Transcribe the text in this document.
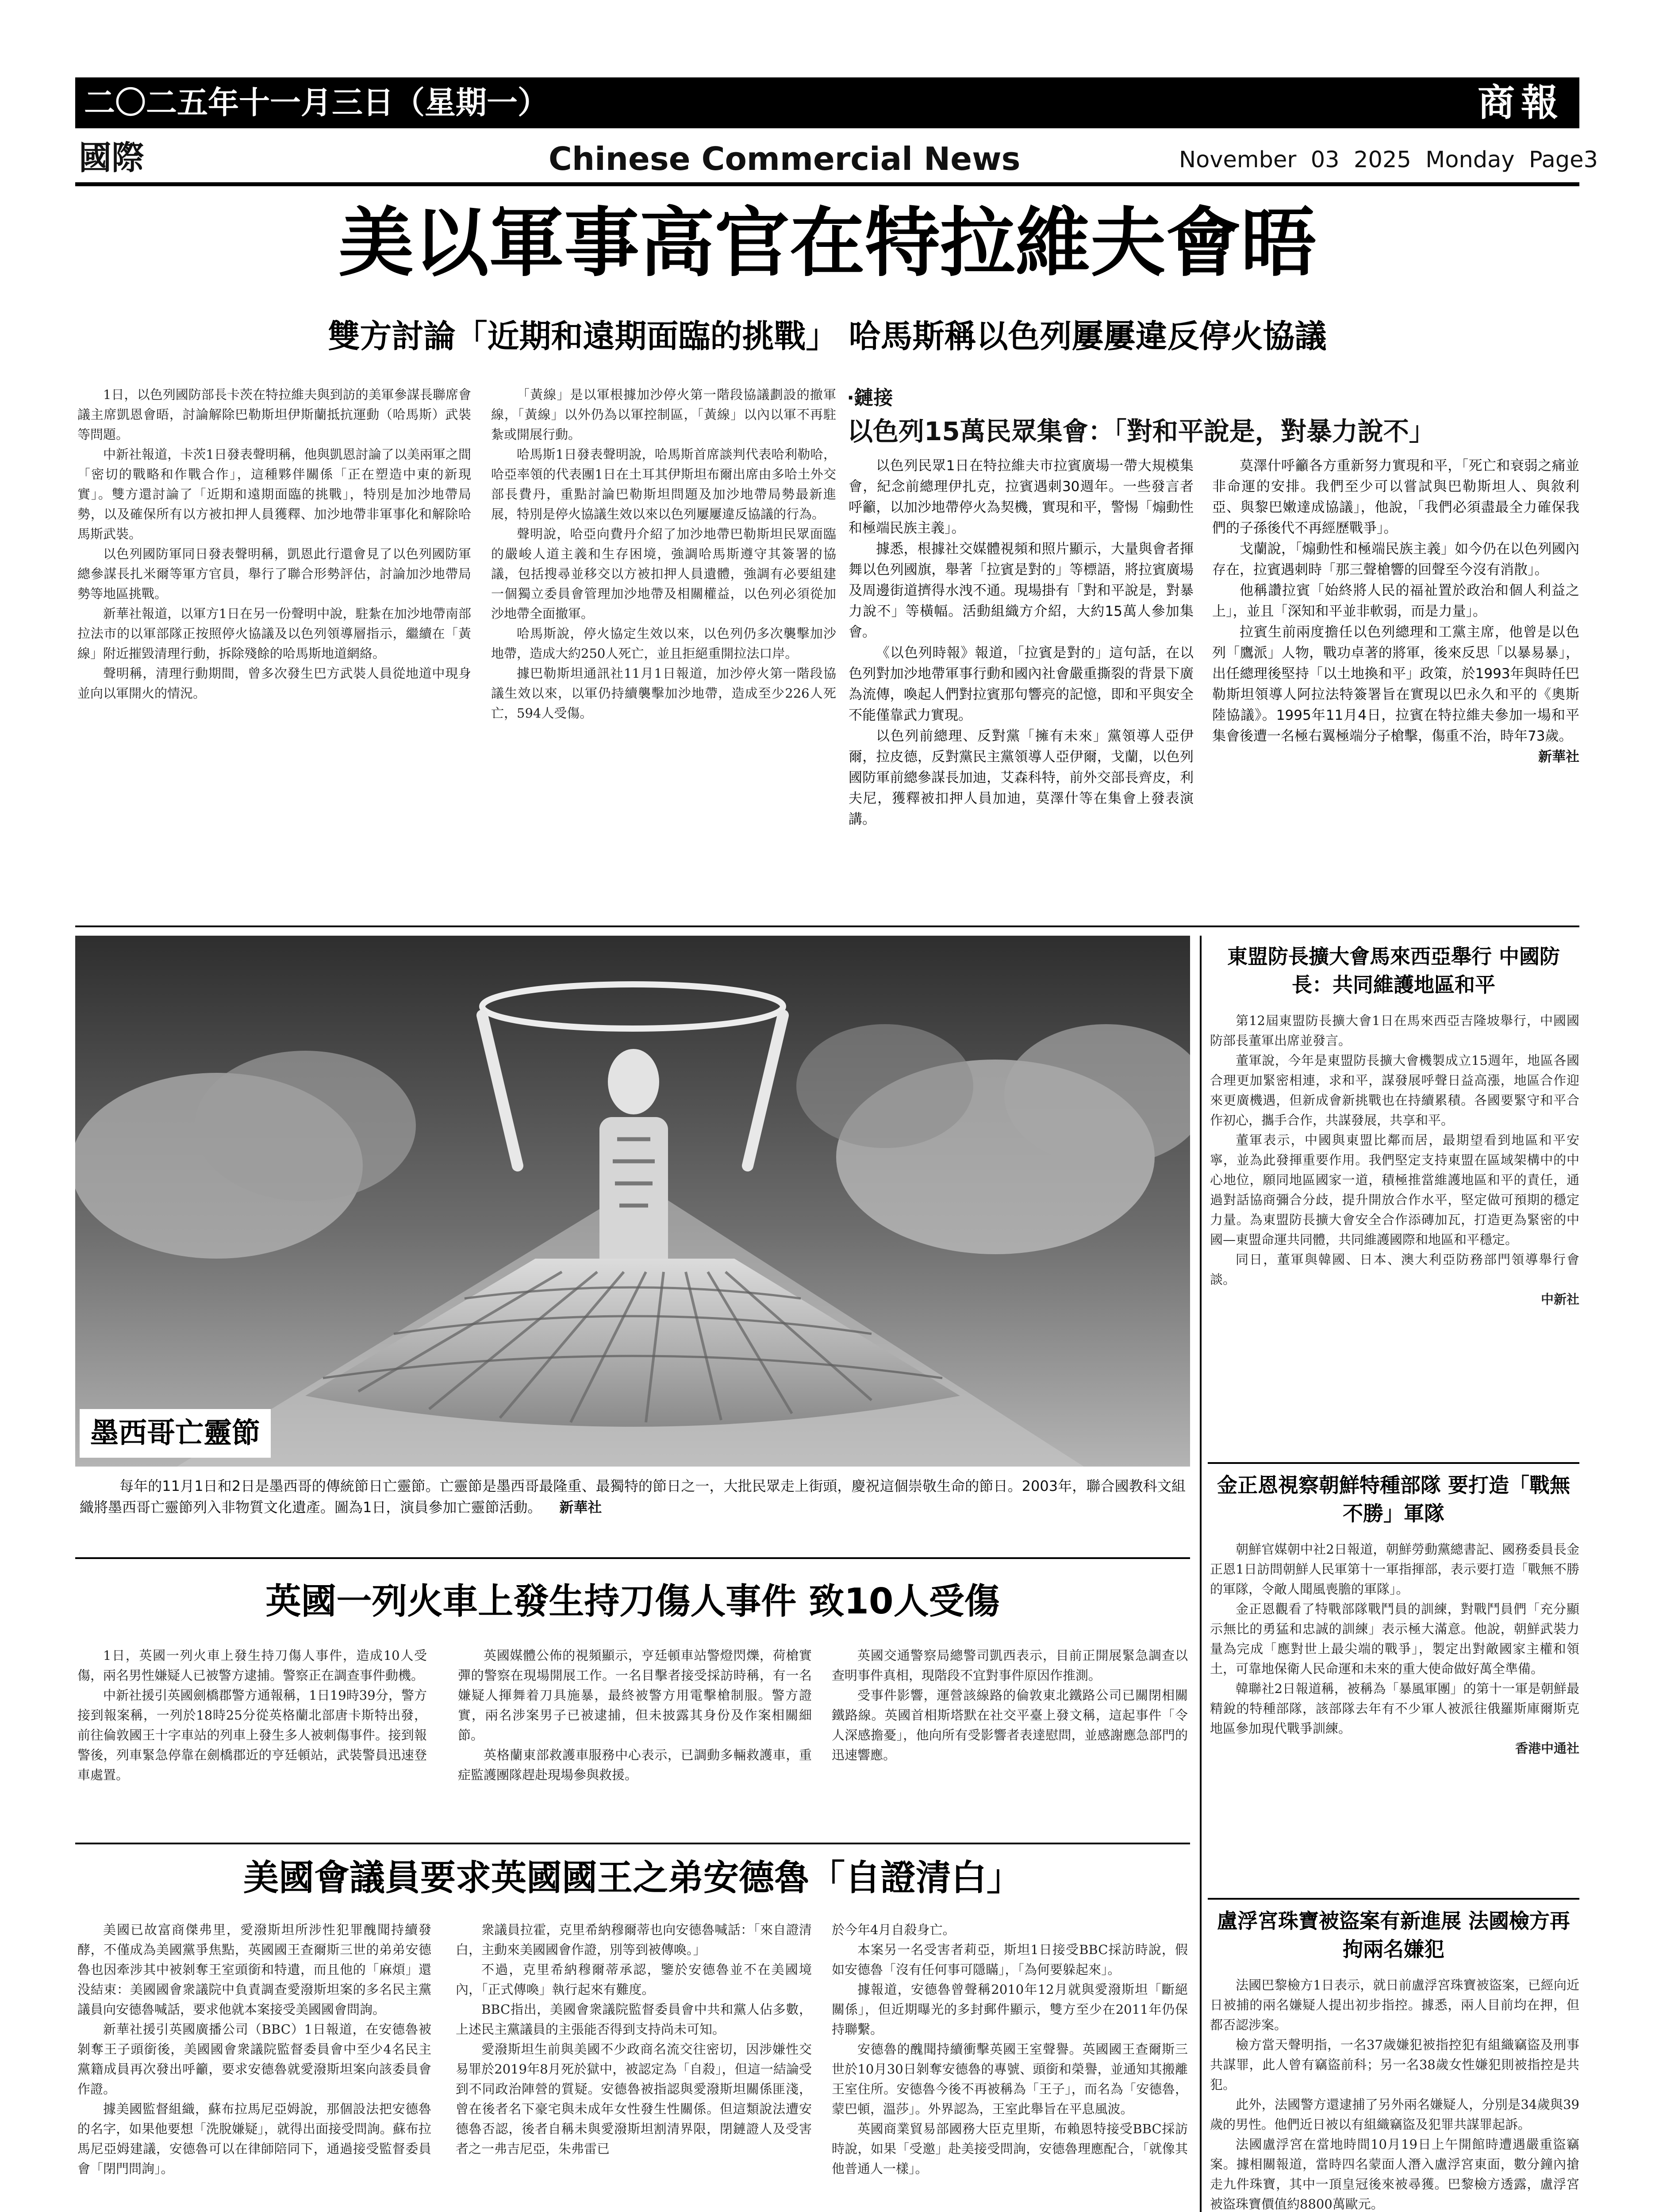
二〇二五年十一月三日（星期一）	商報
國際	Chinese Commercial News	November  03  2025  Monday  Page3
美以軍事高官在特拉維夫會晤
雙方討論「近期和遠期面臨的挑戰」 哈馬斯稱以色列屢屢違反停火協議

1日，以色列國防部長卡茨在特拉維夫與到訪的美軍參謀長聯席會議主席凱恩會晤，討論解除巴勒斯坦伊斯蘭抵抗運動（哈馬斯）武裝等問題。

中新社報道，卡茨1日發表聲明稱，他與凱恩討論了以美兩軍之間「密切的戰略和作戰合作」，這種夥伴關係「正在塑造中東的新現實」。雙方還討論了「近期和遠期面臨的挑戰」，特別是加沙地帶局勢，以及確保所有以方被扣押人員獲釋、加沙地帶非軍事化和解除哈馬斯武裝。

以色列國防軍同日發表聲明稱，凱恩此行還會見了以色列國防軍總參謀長扎米爾等軍方官員，舉行了聯合形勢評估，討論加沙地帶局勢等地區挑戰。

新華社報道，以軍方1日在另一份聲明中說，駐紮在加沙地帶南部拉法市的以軍部隊正按照停火協議及以色列領導層指示，繼續在「黃線」附近摧毀清理行動，拆除殘餘的哈馬斯地道網絡。

聲明稱，清理行動期間，曾多次發生巴方武裝人員從地道中現身並向以軍開火的情況。

「黃線」是以軍根據加沙停火第一階段協議劃設的撤軍線，「黃線」以外仍為以軍控制區，「黃線」以內以軍不再駐紮或開展行動。

哈馬斯1日發表聲明說，哈馬斯首席談判代表哈利勒哈，哈亞率領的代表團1日在土耳其伊斯坦布爾出席由多哈土外交部長費丹，重點討論巴勒斯坦問題及加沙地帶局勢最新進展，特別是停火協議生效以來以色列屢屢違反協議的行為。

聲明說，哈亞向費丹介紹了加沙地帶巴勒斯坦民眾面臨的嚴峻人道主義和生存困境，強調哈馬斯遵守其簽署的協議，包括搜尋並移交以方被扣押人員遺體，強調有必要組建一個獨立委員會管理加沙地帶及相關權益，以色列必須從加沙地帶全面撤軍。

哈馬斯說，停火協定生效以來，以色列仍多次襲擊加沙地帶，造成大約250人死亡，並且拒絕重開拉法口岸。

據巴勒斯坦通訊社11月1日報道，加沙停火第一階段協議生效以來，以軍仍持續襲擊加沙地帶，造成至少226人死亡，594人受傷。

‧鏈接
以色列15萬民眾集會：「對和平說是，對暴力說不」

以色列民眾1日在特拉維夫市拉賓廣場一帶大規模集會，紀念前總理伊扎克，拉賓遇刺30週年。一些發言者呼籲，以加沙地帶停火為契機，實現和平，警惕「煽動性和極端民族主義」。

據悉，根據社交媒體視頻和照片顯示，大量與會者揮舞以色列國旗，舉著「拉賓是對的」等標語，將拉賓廣場及周邊街道擠得水洩不通。現場掛有「對和平說是，對暴力說不」等橫幅。活動組織方介紹，大約15萬人參加集會。

《以色列時報》報道，「拉賓是對的」這句話，在以色列對加沙地帶軍事行動和國內社會嚴重撕裂的背景下廣為流傳，喚起人們對拉賓那句響亮的記憶，即和平與安全不能僅靠武力實現。

以色列前總理、反對黨「擁有未來」黨領導人亞伊爾，拉皮德，反對黨民主黨領導人亞伊爾，戈蘭，以色列國防軍前總參謀長加迪，艾森科特，前外交部長齊皮，利夫尼，獲釋被扣押人員加迪，莫澤什等在集會上發表演講。

莫澤什呼籲各方重新努力實現和平，「死亡和衰弱之痛並非命運的安排。我們至少可以嘗試與巴勒斯坦人、與敘利亞、與黎巴嫩達成協議」，他說，「我們必須盡最全力確保我們的子孫後代不再經歷戰爭」。

戈蘭說，「煽動性和極端民族主義」如今仍在以色列國內存在，拉賓遇刺時「那三聲槍響的回聲至今沒有消散」。

他稱讚拉賓「始終將人民的福祉置於政治和個人利益之上」，並且「深知和平並非軟弱，而是力量」。

拉賓生前兩度擔任以色列總理和工黨主席，他曾是以色列「鷹派」人物，戰功卓著的將軍，後來反思「以暴易暴」，出任總理後堅持「以土地換和平」政策，於1993年與時任巴勒斯坦領導人阿拉法特簽署旨在實現以巴永久和平的《奧斯陸協議》。1995年11月4日，拉賓在特拉維夫參加一場和平集會後遭一名極右翼極端分子槍擊，傷重不治，時年73歲。

新華社
墨西哥亡靈節
每年的11月1日和2日是墨西哥的傳統節日亡靈節。亡靈節是墨西哥最隆重、最獨特的節日之一，大批民眾走上街頭，慶祝這個崇敬生命的節日。2003年，聯合國教科文組織將墨西哥亡靈節列入非物質文化遺產。圖為1日，演員參加亡靈節活動。 新華社
英國一列火車上發生持刀傷人事件 致10人受傷

1日，英國一列火車上發生持刀傷人事件，造成10人受傷，兩名男性嫌疑人已被警方逮捕。警察正在調查事件動機。

中新社援引英國劍橋郡警方通報稱，1日19時39分，警方接到報案稱，一列於18時25分從英格蘭北部唐卡斯特出發，前往倫敦國王十字車站的列車上發生多人被刺傷事件。接到報警後，列車緊急停靠在劍橋郡近的亨廷頓站，武裝警員迅速登車處置。

英國媒體公佈的視頻顯示，亨廷頓車站警燈閃爍，荷槍實彈的警察在現場開展工作。一名目擊者接受採訪時稱，有一名嫌疑人揮舞着刀具施暴，最終被警方用電擊槍制服。警方證實，兩名涉案男子已被逮捕，但未披露其身份及作案相關細節。

英格蘭東部救護車服務中心表示，已調動多輛救護車，重症監護團隊趕赴現場參與救援。

英國交通警察局總警司凱西表示，目前正開展緊急調查以查明事件真相，現階段不宜對事件原因作推測。

受事件影響，運營該線路的倫敦東北鐵路公司已關閉相關鐵路線。英國首相斯塔默在社交平臺上發文稱，這起事件「令人深感擔憂」，他向所有受影響者表達慰問，並感謝應急部門的迅速響應。

美國會議員要求英國國王之弟安德魯「自證清白」

美國已故富商傑弗里，愛潑斯坦所涉性犯罪醜聞持續發酵，不僅成為美國黨爭焦點，英國國王查爾斯三世的弟弟安德魯也因牽涉其中被剝奪王室頭銜和特遺，而且他的「麻煩」還没結束：美國國會衆議院中負責調查愛潑斯坦案的多名民主黨議員向安德魯喊話，要求他就本案接受美國國會問詢。

新華社援引英國廣播公司（BBC）1日報道，在安德魯被剝奪王子頭銜後，美國國會衆議院監督委員會中至少4名民主黨籍成員再次發出呼籲，要求安德魯就愛潑斯坦案向該委員會作證。

據美國監督組織，蘇布拉馬尼亞姆說，那個設法把安德魯的名字，如果他要想「洗脫嫌疑」，就得出面接受問詢。蘇布拉馬尼亞姆建議，安德魯可以在律師陪同下，通過接受監督委員會「閉門問詢」。

衆議員拉霍，克里希納穆爾蒂也向安德魯喊話：「來自證清白，主動來美國國會作證，別等到被傳喚。」

不過，克里希納穆爾蒂承認，鑒於安德魯並不在美國境內，「正式傳喚」執行起來有難度。

BBC指出，美國會衆議院監督委員會中共和黨人佔多數，上述民主黨議員的主張能否得到支持尚未可知。

愛潑斯坦生前與美國不少政商名流交往密切，因涉嫌性交易罪於2019年8月死於獄中，被認定為「自殺」，但這一結論受到不同政治陣營的質疑。安德魯被指認與愛潑斯坦關係匪淺，曾在後者名下豪宅與未成年女性發生性關係。但這類說法遭安德魯否認，後者自稱未與愛潑斯坦割清界限，閉鏈證人及受害者之一弗吉尼亞，朱弗雷已

於今年4月自殺身亡。

本案另一名受害者莉亞，斯坦1日接受BBC採訪時說，假如安德魯「沒有任何事可隱瞞」，「為何要躲起來」。

據報道，安德魯曾聲稱2010年12月就與愛潑斯坦「斷絕關係」，但近期曝光的多封郵件顯示，雙方至少在2011年仍保持聯繫。

安德魯的醜聞持續衝擊英國王室聲譽。英國國王查爾斯三世於10月30日剝奪安德魯的專號、頭銜和榮譽，並通知其搬離王室住所。安德魯今後不再被稱為「王子」，而名為「安德魯，蒙巴頓，溫莎」。外界認為，王室此舉旨在平息風波。

英國商業貿易部國務大臣克里斯，布賴恩特接受BBC採訪時說，如果「受邀」赴美接受問詢，安德魯理應配合，「就像其他普通人一樣」。

東盟防長擴大會馬來西亞舉行 中國防長：共同維護地區和平

第12屆東盟防長擴大會1日在馬來西亞吉隆坡舉行，中國國防部長董軍出席並發言。

董軍說，今年是東盟防長擴大會機製成立15週年，地區各國合理更加緊密相連，求和平，謀發展呼聲日益高漲，地區合作迎來更廣機遇，但新成會新挑戰也在持續累積。各國要緊守和平合作初心，攜手合作，共謀發展，共享和平。

董軍表示，中國與東盟比鄰而居，最期望看到地區和平安寧，並為此發揮重要作用。我們堅定支持東盟在區域架構中的中心地位，願同地區國家一道，積極推當維護地區和平的責任，通過對話協商彌合分歧，提升開放合作水平，堅定做可預期的穩定力量。為東盟防長擴大會安全合作添磚加瓦，打造更為緊密的中國—東盟命運共同體，共同維護國際和地區和平穩定。

同日，董軍與韓國、日本、澳大利亞防務部門領導舉行會談。

中新社
金正恩視察朝鮮特種部隊 要打造「戰無不勝」軍隊

朝鮮官媒朝中社2日報道，朝鮮勞動黨總書記、國務委員長金正恩1日訪問朝鮮人民軍第十一軍指揮部，表示要打造「戰無不勝的軍隊，令敵人聞風喪膽的軍隊」。

金正恩觀看了特戰部隊戰鬥員的訓練，對戰鬥員們「充分顯示無比的勇猛和忠誠的訓練」表示極大滿意。他說，朝鮮武裝力量為完成「應對世上最尖端的戰爭」，製定出對敵國家主權和領土，可靠地保衛人民命運和未來的重大使命做好萬全準備。

韓聯社2日報道稱，被稱為「暴風軍團」的第十一軍是朝鮮最精銳的特種部隊，該部隊去年有不少軍人被派往俄羅斯庫爾斯克地區參加現代戰爭訓練。

香港中通社
盧浮宮珠寶被盜案有新進展 法國檢方再拘兩名嫌犯

法國巴黎檢方1日表示，就日前盧浮宮珠寶被盜案，已經向近日被捕的兩名嫌疑人提出初步指控。據悉，兩人目前均在押，但都否認涉案。

檢方當天聲明指，一名37歲嫌犯被指控犯有組織竊盜及刑事共謀罪，此人曾有竊盜前科；另一名38歲女性嫌犯則被指控是共犯。

此外，法國警方還逮捕了另外兩名嫌疑人，分別是34歲與39歲的男性。他們近日被以有組織竊盜及犯罪共謀罪起訴。

法國盧浮宮在當地時間10月19日上午開館時遭遇嚴重盜竊案。據相關報道，當時四名蒙面人潛入盧浮宮東面，數分鐘內搶走九件珠寶，其中一頂皇冠後來被尋獲。巴黎檢方透露，盧浮宮被盜珠寶價值約8800萬歐元。
